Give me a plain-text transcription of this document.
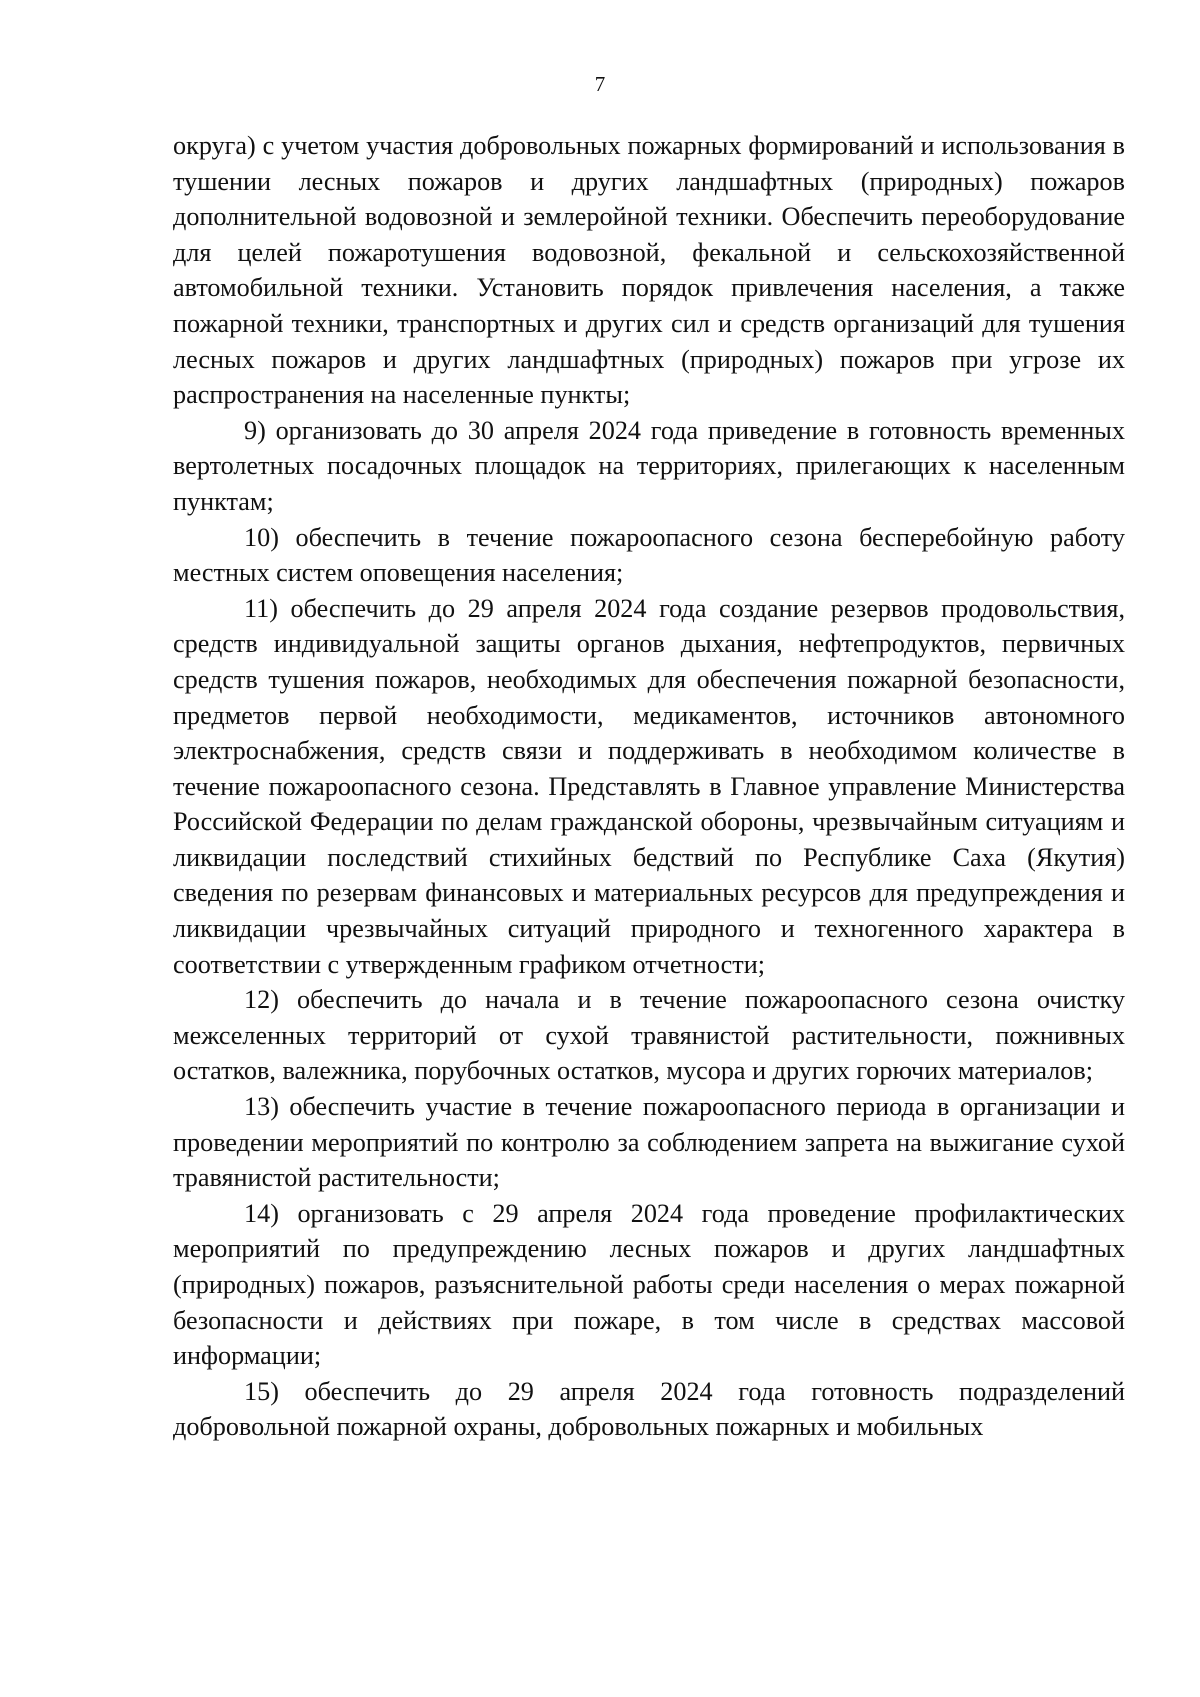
7

округа) с учетом участия добровольных пожарных формирований и использования в тушении лесных пожаров и других ландшафтных (природных) пожаров дополнительной водовозной и землеройной техники. Обеспечить переоборудование для целей пожаротушения водовозной, фекальной и сельскохозяйственной автомобильной техники. Установить порядок привлечения населения, а также пожарной техники, транспортных и других сил и средств организаций для тушения лесных пожаров и других ландшафтных (природных) пожаров при угрозе их распространения на населенные пункты;

9) организовать до 30 апреля 2024 года приведение в готовность временных вертолетных посадочных площадок на территориях, прилегающих к населенным пунктам;

10) обеспечить в течение пожароопасного сезона бесперебойную работу местных систем оповещения населения;

11) обеспечить до 29 апреля 2024 года создание резервов продовольствия, средств индивидуальной защиты органов дыхания, нефтепродуктов, первичных средств тушения пожаров, необходимых для обеспечения пожарной безопасности, предметов первой необходимости, медикаментов, источников автономного электроснабжения, средств связи и поддерживать в необходимом количестве в течение пожароопасного сезона. Представлять в Главное управление Министерства Российской Федерации по делам гражданской обороны, чрезвычайным ситуациям и ликвидации последствий стихийных бедствий по Республике Саха (Якутия) сведения по резервам финансовых и материальных ресурсов для предупреждения и ликвидации чрезвычайных ситуаций природного и техногенного характера в соответствии с утвержденным графиком отчетности;

12) обеспечить до начала и в течение пожароопасного сезона очистку межселенных территорий от сухой травянистой растительности, пожнивных остатков, валежника, порубочных остатков, мусора и других горючих материалов;

13) обеспечить участие в течение пожароопасного периода в организации и проведении мероприятий по контролю за соблюдением запрета на выжигание сухой травянистой растительности;

14) организовать с 29 апреля 2024 года проведение профилактических мероприятий по предупреждению лесных пожаров и других ландшафтных (природных) пожаров, разъяснительной работы среди населения о мерах пожарной безопасности и действиях при пожаре, в том числе в средствах массовой информации;

15) обеспечить до 29 апреля 2024 года готовность подразделений добровольной пожарной охраны, добровольных пожарных и мобильных
